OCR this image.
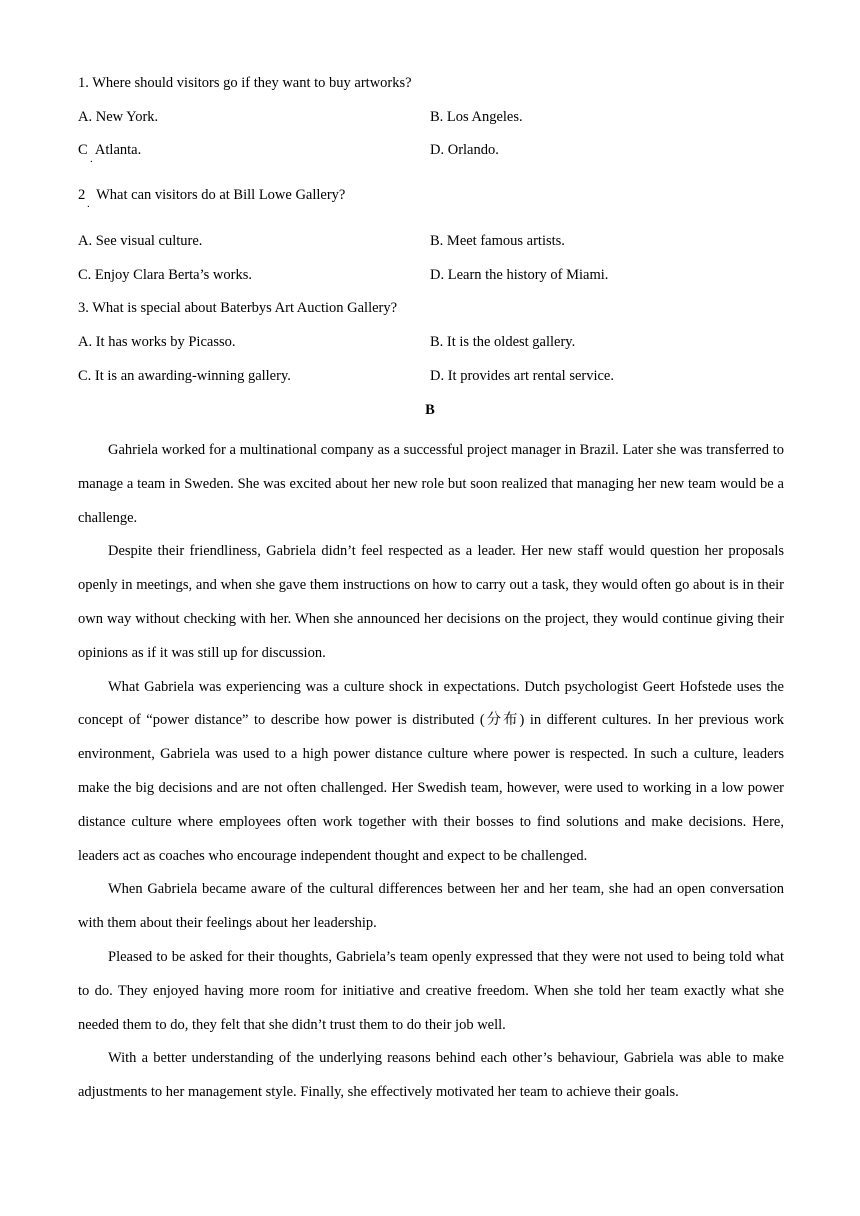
1. Where should visitors go if they want to buy artworks?
A. New York.	B. Los Angeles.
C
.
Atlanta.	D. Orlando.
2
.
What can visitors do at Bill Lowe Gallery?
A. See visual culture.	B. Meet famous artists.
C. Enjoy Clara Berta’s works.	D. Learn the history of Miami.
3. What is special about Baterbys Art Auction Gallery?
A. It has works by Picasso.	B. It is the oldest gallery.
C. It is an awarding-winning gallery.	D. It provides art rental service.
B

Gahriela worked for a multinational company as a successful project manager in Brazil. Later she was transferred to manage a team in Sweden. She was excited about her new role but soon realized that managing her new team would be a challenge.

Despite their friendliness, Gabriela didn’t feel respected as a leader. Her new staff would question her proposals openly in meetings, and when she gave them instructions on how to carry out a task, they would often go about is in their own way without checking with her. When she announced her decisions on the project, they would continue giving their opinions as if it was still up for discussion.

What Gabriela was experiencing was a culture shock in expectations. Dutch psychologist Geert Hofstede uses the concept of “power distance” to describe how power is distributed (分布) in different cultures. In her previous work environment, Gabriela was used to a high power distance culture where power is respected. In such a culture, leaders make the big decisions and are not often challenged. Her Swedish team, however, were used to working in a low power distance culture where employees often work together with their bosses to find solutions and make decisions. Here, leaders act as coaches who encourage independent thought and expect to be challenged.

When Gabriela became aware of the cultural differences between her and her team, she had an open conversation with them about their feelings about her leadership.

Pleased to be asked for their thoughts, Gabriela’s team openly expressed that they were not used to being told what to do. They enjoyed having more room for initiative and creative freedom. When she told her team exactly what she needed them to do, they felt that she didn’t trust them to do their job well.

With a better understanding of the underlying reasons behind each other’s behaviour, Gabriela was able to make adjustments to her management style. Finally, she effectively motivated her team to achieve their goals.
